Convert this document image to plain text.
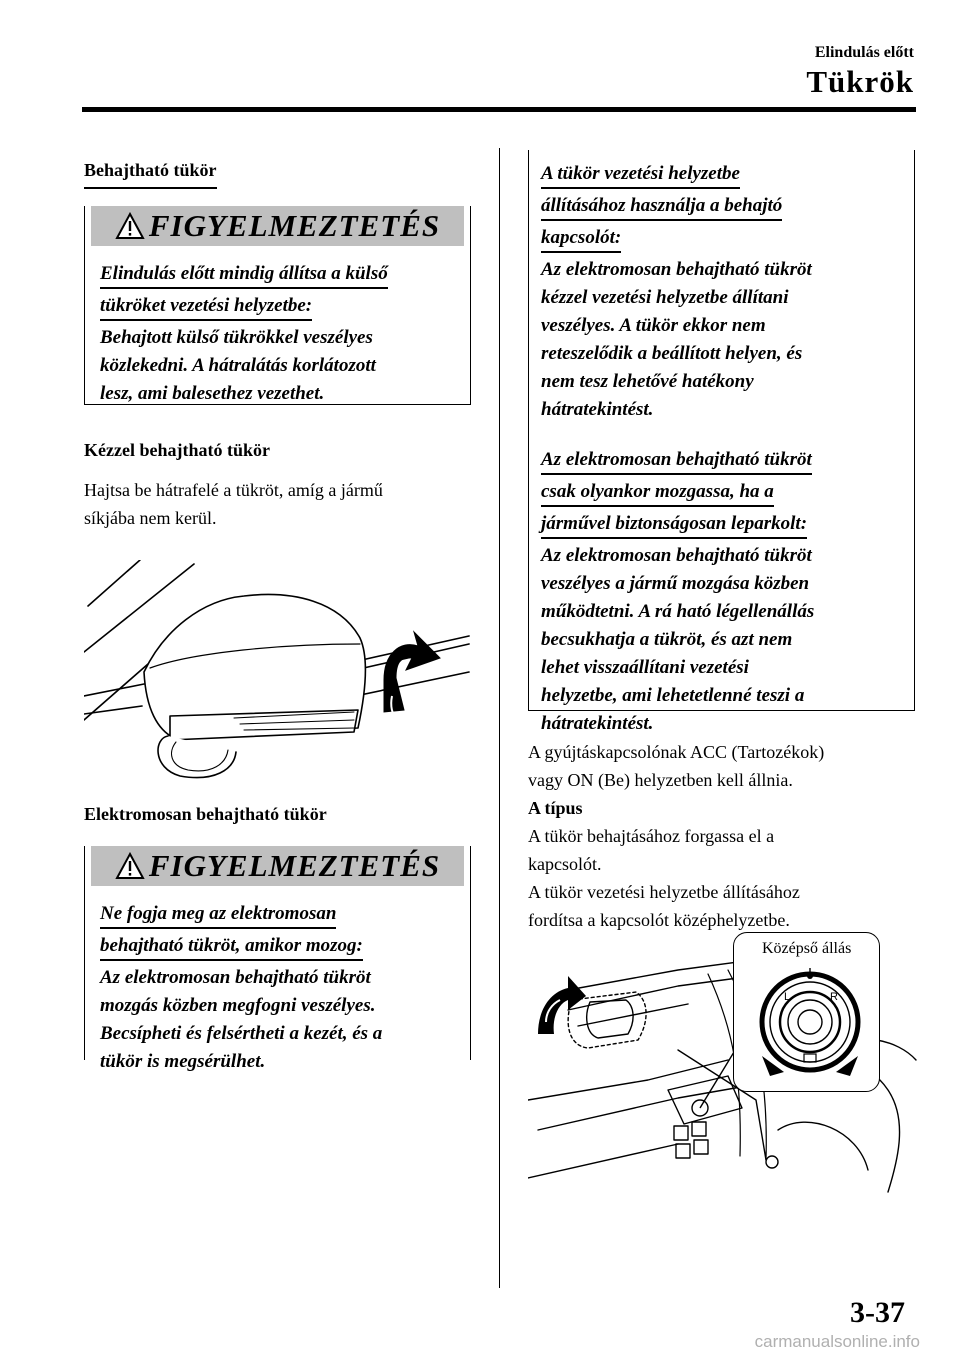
Elindulás előtt
Tükrök
Behajtható tükör
FIGYELMEZTETÉS
Elindulás előtt mindig állítsa a külső
tükröket vezetési helyzetbe:
Behajtott külső tükrökkel veszélyes
közlekedni. A hátralátás korlátozott
lesz, ami balesethez vezethet.
Kézzel behajtható tükör
Hajtsa be hátrafelé a tükröt, amíg a jármű
síkjába nem kerül.
Elektromosan behajtható tükör
FIGYELMEZTETÉS
Ne fogja meg az elektromosan
behajtható tükröt, amikor mozog:
Az elektromosan behajtható tükröt
mozgás közben megfogni veszélyes.
Becsípheti és felsértheti a kezét, és a
tükör is megsérülhet.
A tükör vezetési helyzetbe
állításához használja a behajtó
kapcsolót:
Az elektromosan behajtható tükröt
kézzel vezetési helyzetbe állítani
veszélyes. A tükör ekkor nem
reteszelődik a beállított helyen, és
nem tesz lehetővé hatékony
hátratekintést.
Az elektromosan behajtható tükröt
csak olyankor mozgassa, ha a
járművel biztonságosan leparkolt:
Az elektromosan behajtható tükröt
veszélyes a jármű mozgása közben
működtetni. A rá ható légellenállás
becsukhatja a tükröt, és azt nem
lehet visszaállítani vezetési
helyzetbe, ami lehetetlenné teszi a
hátratekintést.
A gyújtáskapcsolónak ACC (Tartozékok)
vagy ON (Be) helyzetben kell állnia.
A típus
A tükör behajtásához forgassa el a
kapcsolót.
A tükör vezetési helyzetbe állításához
fordítsa a kapcsolót középhelyzetbe.
Középső állás
L	R
3-37
carmanualsonline.info
